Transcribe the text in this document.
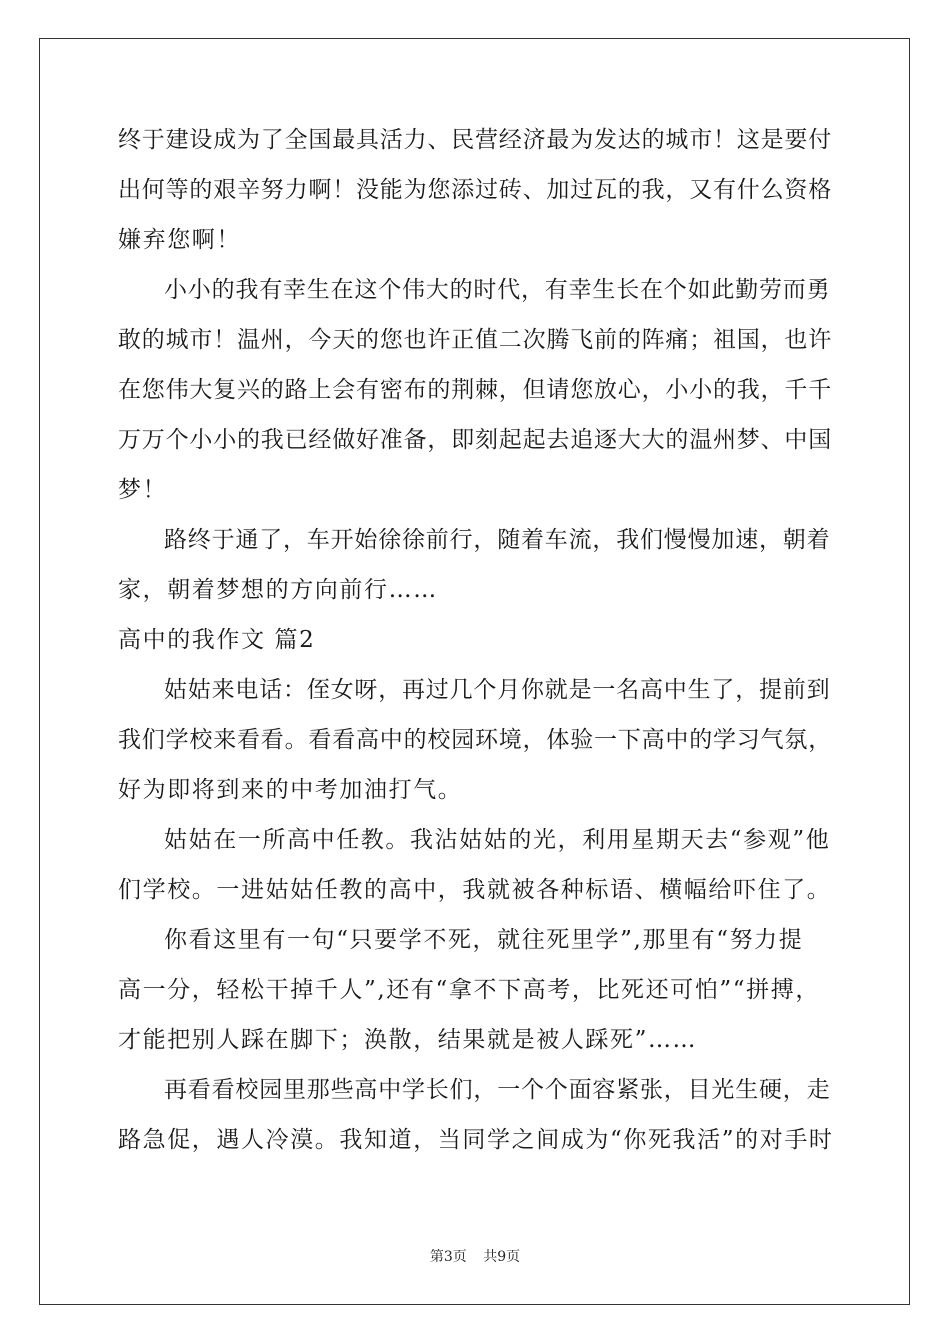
终于建设成为了全国最具活力、民营经济最为发达的城市！这是要付
出何等的艰辛努力啊！没能为您添过砖、加过瓦的我，又有什么资格
嫌弃您啊！
小小的我有幸生在这个伟大的时代，有幸生长在个如此勤劳而勇
敢的城市！温州，今天的您也许正值二次腾飞前的阵痛；祖国，也许
在您伟大复兴的路上会有密布的荆棘，但请您放心，小小的我，千千
万万个小小的我已经做好准备，即刻起起去追逐大大的温州梦、中国
梦！
路终于通了，车开始徐徐前行，随着车流，我们慢慢加速，朝着
家，朝着梦想的方向前行……
高中的我作文 篇2
姑姑来电话：侄女呀，再过几个月你就是一名高中生了，提前到
我们学校来看看。看看高中的校园环境，体验一下高中的学习气氛，
好为即将到来的中考加油打气。
姑姑在一所高中任教。我沾姑姑的光，利用星期天去“参观”他
们学校。一进姑姑任教的高中，我就被各种标语、横幅给吓住了。
你看这里有一句“只要学不死，就往死里学”,那里有“努力提
高一分，轻松干掉千人”,还有“拿不下高考，比死还可怕”“拼搏，
才能把别人踩在脚下；涣散，结果就是被人踩死”……
再看看校园里那些高中学长们，一个个面容紧张，目光生硬，走
路急促，遇人冷漠。我知道，当同学之间成为“你死我活”的对手时
第3页 共9页
